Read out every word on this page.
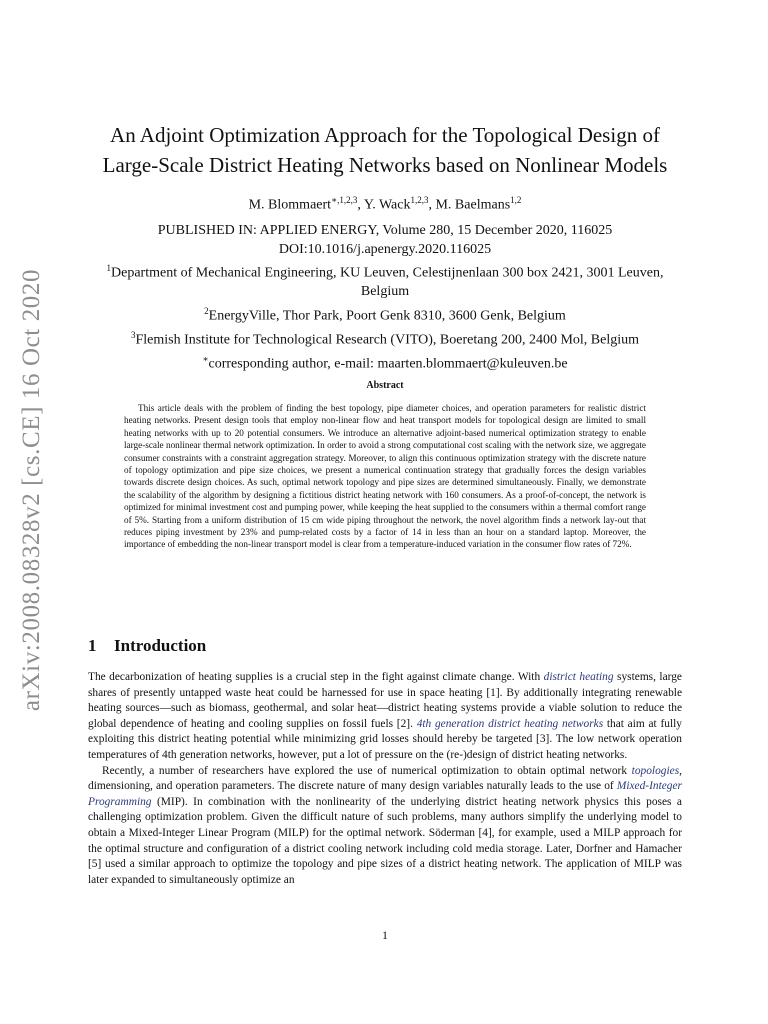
arXiv:2008.08328v2 [cs.CE] 16 Oct 2020
An Adjoint Optimization Approach for the Topological Design of
Large-Scale District Heating Networks based on Nonlinear Models
M. Blommaert$^{∗,1,2,3}$, Y. Wack$^{1,2,3}$, M. Baelmans$^{1,2}$
PUBLISHED IN: APPLIED ENERGY, Volume 280, 15 December 2020, 116025
DOI:10.1016/j.apenergy.2020.116025
$^1$Department of Mechanical Engineering, KU Leuven, Celestijnenlaan 300 box 2421, 3001 Leuven, Belgium
$^2$EnergyVille, Thor Park, Poort Genk 8310, 3600 Genk, Belgium
$^3$Flemish Institute for Technological Research (VITO), Boeretang 200, 2400 Mol, Belgium
∗corresponding author, e-mail: maarten.blommaert@kuleuven.be
Abstract

This article deals with the problem of finding the best topology, pipe diameter choices, and operation parameters for realistic district heating networks. Present design tools that employ non-linear flow and heat transport models for topological design are limited to small heating networks with up to 20 potential consumers. We introduce an alternative adjoint-based numerical optimization strategy to enable large-scale nonlinear thermal network optimization. In order to avoid a strong computational cost scaling with the network size, we aggregate consumer constraints with a constraint aggregation strategy. Moreover, to align this continuous optimization strategy with the discrete nature of topology optimization and pipe size choices, we present a numerical continuation strategy that gradually forces the design variables towards discrete design choices. As such, optimal network topology and pipe sizes are determined simultaneously. Finally, we demonstrate the scalability of the algorithm by designing a fictitious district heating network with 160 consumers. As a proof-of-concept, the network is optimized for minimal investment cost and pumping power, while keeping the heat supplied to the consumers within a thermal comfort range of 5%. Starting from a uniform distribution of 15 cm wide piping throughout the network, the novel algorithm finds a network lay-out that reduces piping investment by 23% and pump-related costs by a factor of 14 in less than an hour on a standard laptop. Moreover, the importance of embedding the non-linear transport model is clear from a temperature-induced variation in the consumer flow rates of 72%.

1 Introduction

The decarbonization of heating supplies is a crucial step in the fight against climate change. With district heating systems, large shares of presently untapped waste heat could be harnessed for use in space heating [1]. By additionally integrating renewable heating sources—such as biomass, geothermal, and solar heat—district heating systems provide a viable solution to reduce the global dependence of heating and cooling supplies on fossil fuels [2]. 4th generation district heating networks that aim at fully exploiting this district heating potential while minimizing grid losses should hereby be targeted [3]. The low network operation temperatures of 4th generation networks, however, put a lot of pressure on the (re-)design of district heating networks.

Recently, a number of researchers have explored the use of numerical optimization to obtain optimal network topologies, dimensioning, and operation parameters. The discrete nature of many design variables naturally leads to the use of Mixed-Integer Programming (MIP). In combination with the nonlinearity of the underlying district heating network physics this poses a challenging optimization problem. Given the difficult nature of such problems, many authors simplify the underlying model to obtain a Mixed-Integer Linear Program (MILP) for the optimal network. Söderman [4], for example, used a MILP approach for the optimal structure and configuration of a district cooling network including cold media storage. Later, Dorfner and Hamacher [5] used a similar approach to optimize the topology and pipe sizes of a district heating network. The application of MILP was later expanded to simultaneously optimize an

1
